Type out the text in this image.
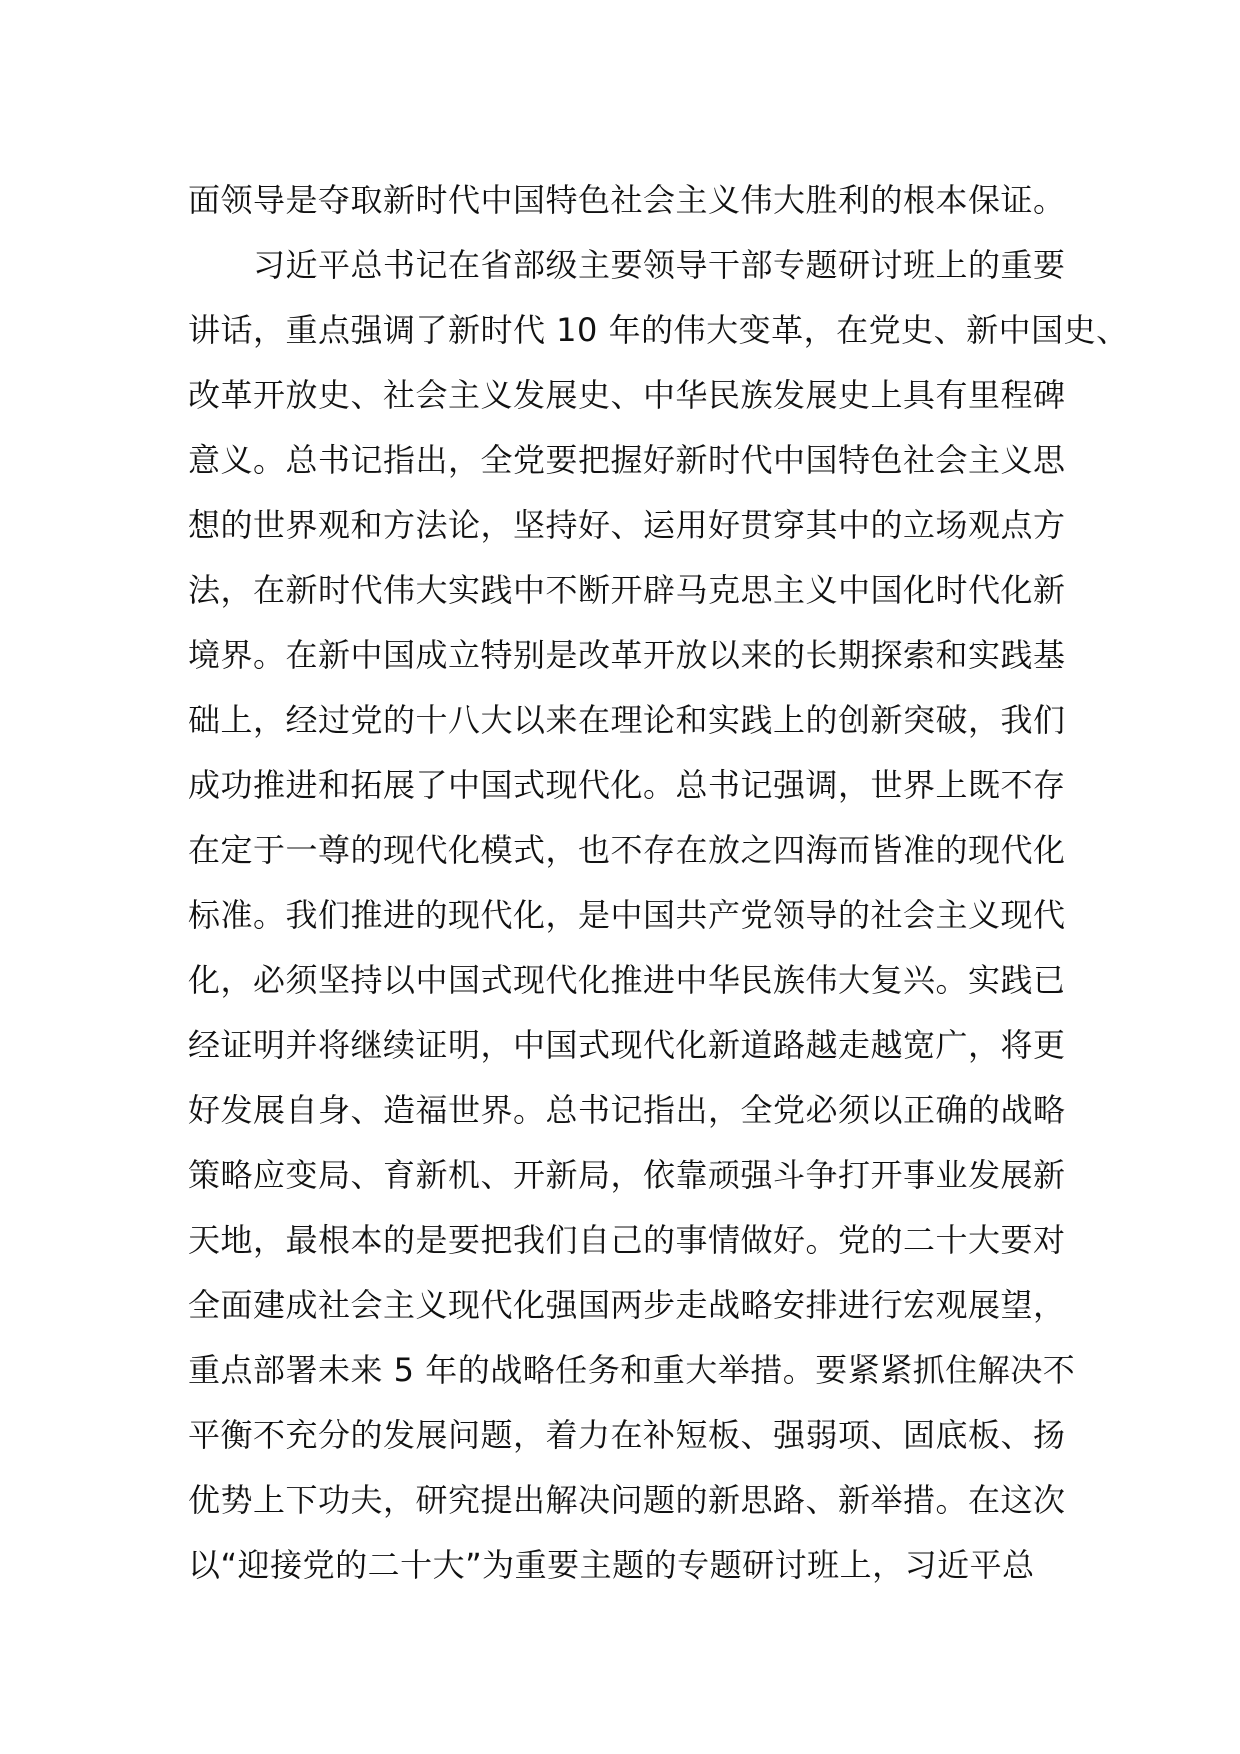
面领导是夺取新时代中国特色社会主义伟大胜利的根本保证。
　　习近平总书记在省部级主要领导干部专题研讨班上的重要
讲话，重点强调了新时代 10 年的伟大变革，在党史、新中国史、
改革开放史、社会主义发展史、中华民族发展史上具有里程碑
意义。总书记指出，全党要把握好新时代中国特色社会主义思
想的世界观和方法论，坚持好、运用好贯穿其中的立场观点方
法，在新时代伟大实践中不断开辟马克思主义中国化时代化新
境界。在新中国成立特别是改革开放以来的长期探索和实践基
础上，经过党的十八大以来在理论和实践上的创新突破，我们
成功推进和拓展了中国式现代化。总书记强调，世界上既不存
在定于一尊的现代化模式，也不存在放之四海而皆准的现代化
标准。我们推进的现代化，是中国共产党领导的社会主义现代
化，必须坚持以中国式现代化推进中华民族伟大复兴。实践已
经证明并将继续证明，中国式现代化新道路越走越宽广，将更
好发展自身、造福世界。总书记指出，全党必须以正确的战略
策略应变局、育新机、开新局，依靠顽强斗争打开事业发展新
天地，最根本的是要把我们自己的事情做好。党的二十大要对
全面建成社会主义现代化强国两步走战略安排进行宏观展望，
重点部署未来 5 年的战略任务和重大举措。要紧紧抓住解决不
平衡不充分的发展问题，着力在补短板、强弱项、固底板、扬
优势上下功夫，研究提出解决问题的新思路、新举措。在这次
以“迎接党的二十大”为重要主题的专题研讨班上，习近平总
